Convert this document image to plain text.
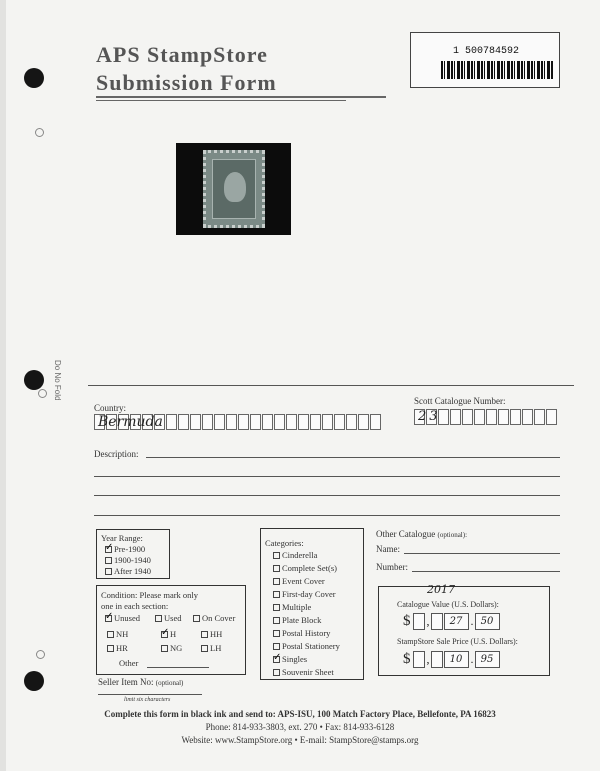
Do No Fold
APS StampStore
Submission Form
1 500784592
Country:
Bermuda
Scott Catalogue Number:
23
Description:
Year Range:
✓Pre-1900
1900-1940
After 1940
Condition: Please mark only
one in each section:
✓Unused	Used	On Cover
NH
✓	H	HH
HR	NG	LH
Other
Categories:
Cinderella
Complete Set(s)
Event Cover
First-day Cover
Multiple
Plate Block
Postal History
Postal Stationery
✓Singles
Souvenir Sheet
Other Catalogue (optional):
Name:
Number:
2017
Catalogue Value (U.S. Dollars):
$ ,	27 . 50
StampStore Sale Price (U.S. Dollars):
$ ,	10 . 95
Seller Item No: (optional)
limit six characters
Complete this form in black ink and send to: APS-ISU, 100 Match Factory Place, Bellefonte, PA 16823
Phone: 814-933-3803, ext. 270 • Fax: 814-933-6128
Website: www.StampStore.org • E-mail: StampStore@stamps.org
